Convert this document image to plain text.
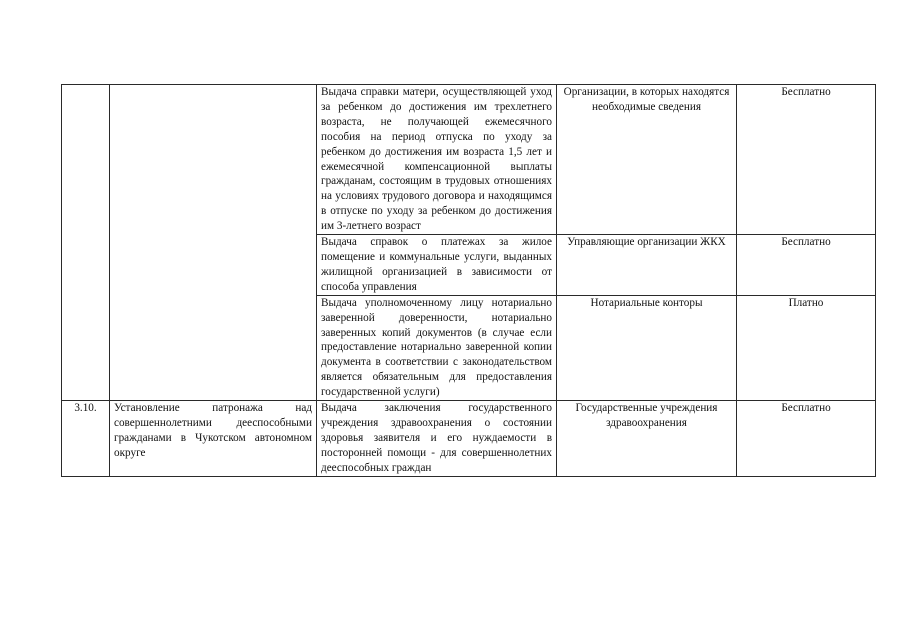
		Выдача справки матери, осуществляющей уход за ребенком до достижения им трехлетнего возраста, не получающей ежемесячного пособия на период отпуска по уходу за ребенком до достижения им возраста 1,5 лет и ежемесячной компенсационной выплаты гражданам, состоящим в трудовых отношениях на условиях трудового договора и находящимся в отпуске по уходу за ребенком до достижения им 3-летнего возраст	Организации, в которых находятся необходимые сведения	Бесплатно
		Выдача справок о платежах за жилое помещение и коммунальные услуги, выданных жилищной организацией в зависимости от способа управления	Управляющие организации ЖКХ	Бесплатно
		Выдача уполномоченному лицу нотариально заверенной доверенности, нотариально заверенных копий документов (в случае если предоставление нотариально заверенной копии документа в соответствии с законодательством является обязательным для предоставления государственной услуги)	Нотариальные конторы	Платно
3.10.	Установление патронажа над совершеннолетними дееспособными гражданами в Чукотском автономном округе	Выдача заключения государственного учреждения здравоохранения о состоянии здоровья заявителя и его нуждаемости в посторонней помощи - для совершеннолетних дееспособных граждан	Государственные учреждения здравоохранения	Бесплатно
